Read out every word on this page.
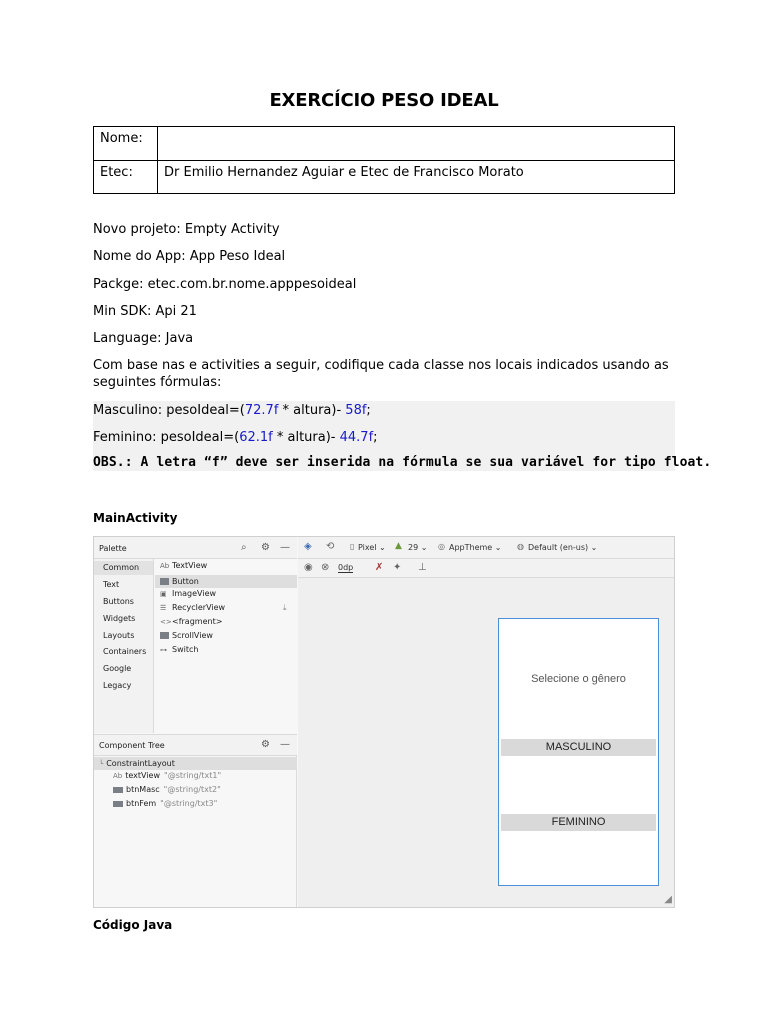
EXERCÍCIO PESO IDEAL
Nome:	
Etec:	Dr Emilio Hernandez Aguiar e Etec de Francisco Morato
Novo projeto: Empty Activity
Nome do App: App Peso Ideal
Packge: etec.com.br.nome.apppesoideal
Min SDK: Api 21
Language: Java
Com base nas e activities a seguir, codifique cada classe nos locais indicados usando as seguintes fórmulas:
Masculino: pesoIdeal=(72.7f * altura)- 58f;
Feminino: pesoIdeal=(62.1f * altura)- 44.7f;
OBS.: A letra “f” deve ser inserida na fórmula se sua variável for tipo float.
MainActivity
Palette	⌕ ⚙ —
Common
Text
Buttons
Widgets
Layouts
Containers
Google
Legacy
Ab TextView
Button
▣ ImageView
☰ RecyclerView
<><fragment>
ScrollView
⊶ Switch
⤓
Component Tree	⚙ —
└ ConstraintLayout
Ab textView "@string/txt1"
btnMasc "@string/txt2"
btnFem "@string/txt3"
◈ ⟲ ▯ Pixel ⌄ ▲ 29 ⌄ ◎ AppTheme ⌄ ◍ Default (en-us) ⌄
◉ ⊗ 0dp ✗ ✦ ⊥
Selecione o gênero
MASCULINO
FEMININO
◢
Código Java
